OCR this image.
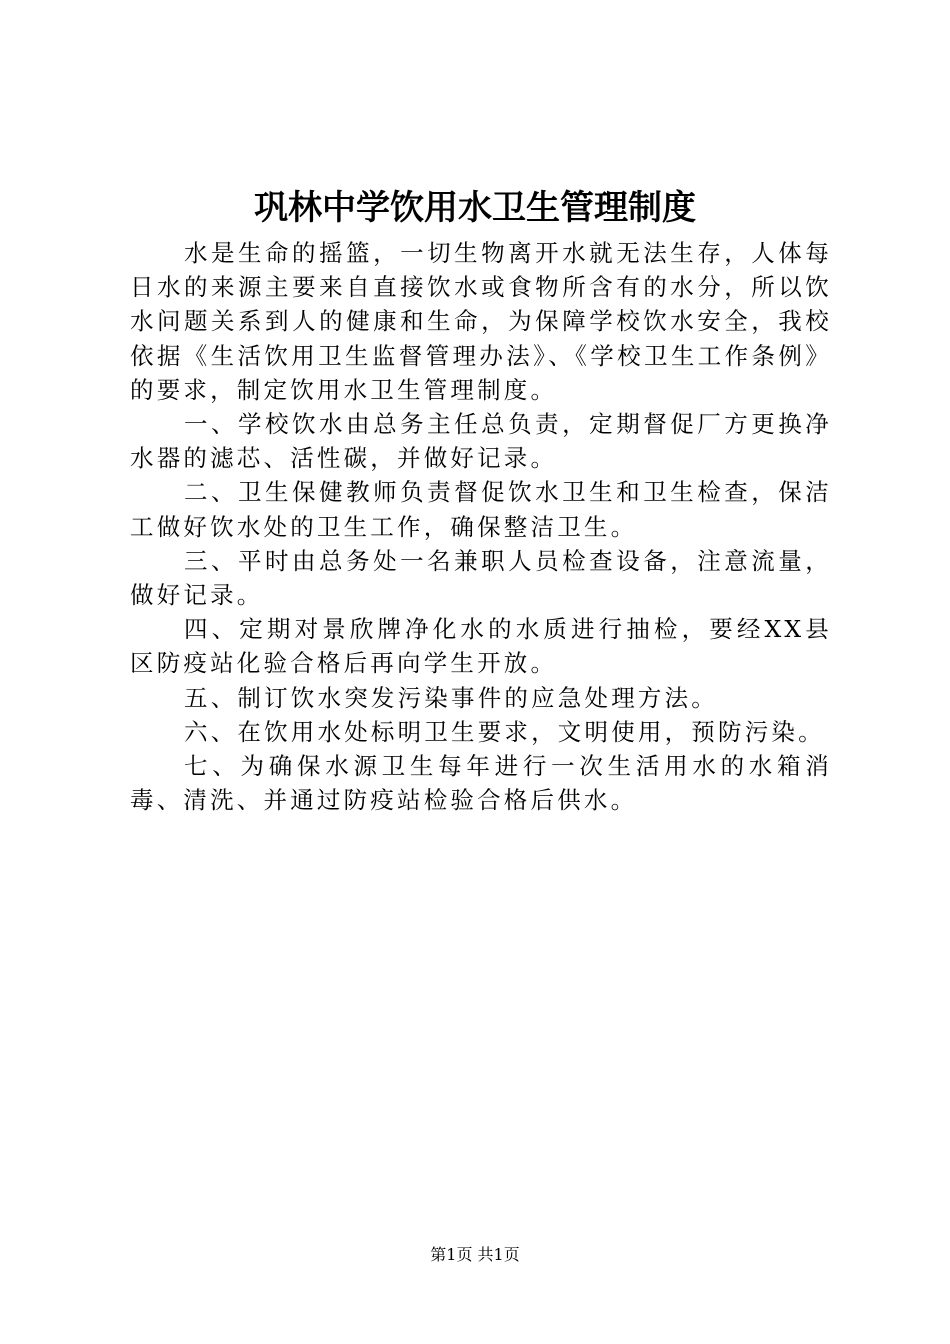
巩林中学饮用水卫生管理制度

水是生命的摇篮，一切生物离开水就无法生存，人体每日水的来源主要来自直接饮水或食物所含有的水分，所以饮水问题关系到人的健康和生命，为保障学校饮水安全，我校依据《生活饮用卫生监督管理办法》、《学校卫生工作条例》的要求，制定饮用水卫生管理制度。

一、学校饮水由总务主任总负责，定期督促厂方更换净水器的滤芯、活性碳，并做好记录。

二、卫生保健教师负责督促饮水卫生和卫生检查，保洁工做好饮水处的卫生工作，确保整洁卫生。

三、平时由总务处一名兼职人员检查设备，注意流量，做好记录。

四、定期对景欣牌净化水的水质进行抽检，要经XX县区防疫站化验合格后再向学生开放。

五、制订饮水突发污染事件的应急处理方法。

六、在饮用水处标明卫生要求，文明使用，预防污染。

七、为确保水源卫生每年进行一次生活用水的水箱消毒、清洗、并通过防疫站检验合格后供水。

第1页 共1页
